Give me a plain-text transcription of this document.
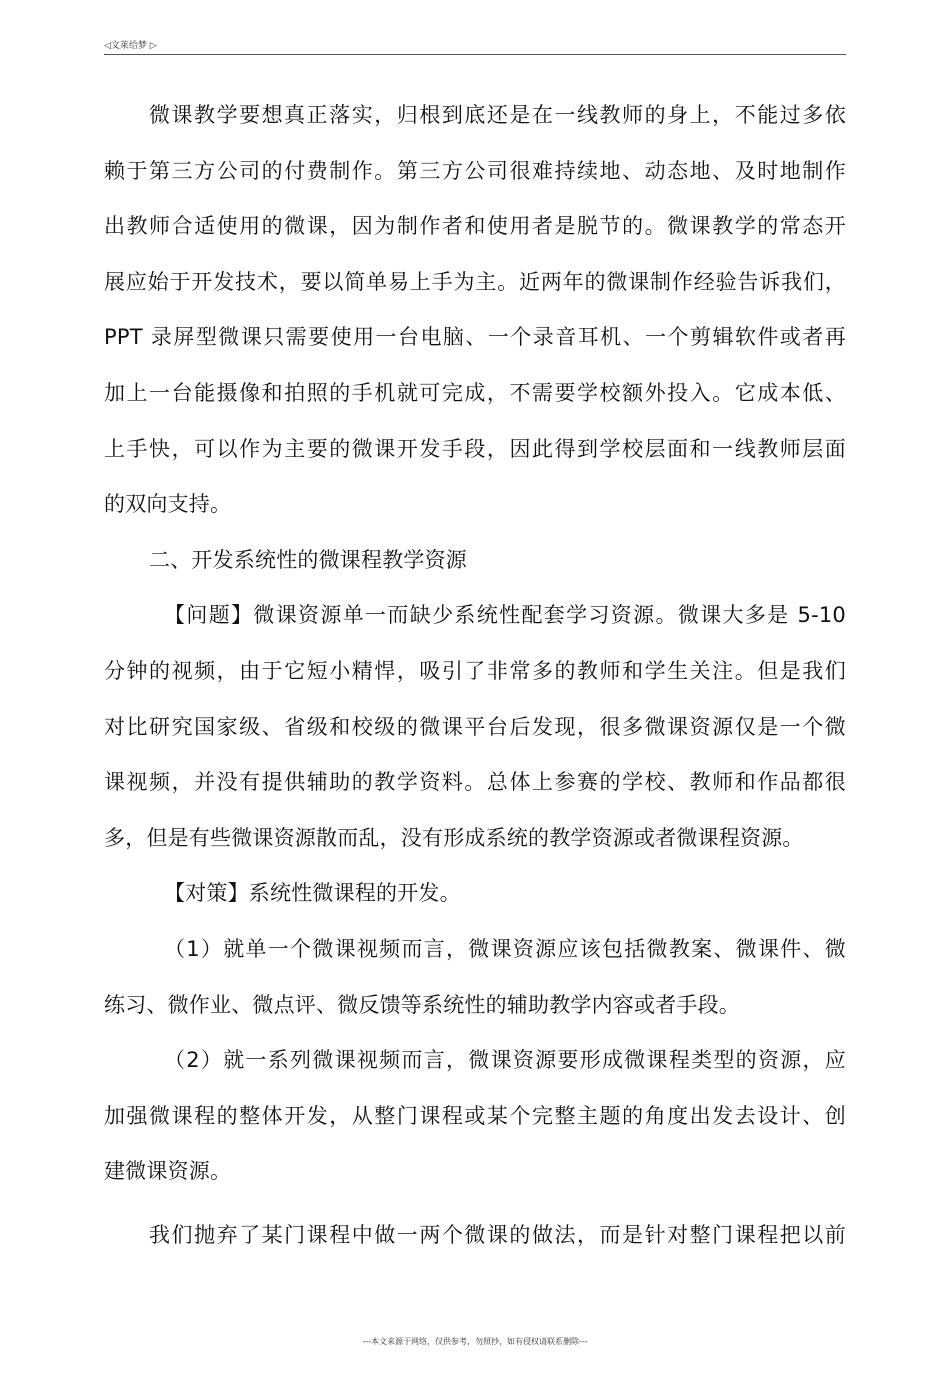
◁文莱给梦 ▷
微课教学要想真正落实，归根到底还是在一线教师的身上，不能过多依
赖于第三方公司的付费制作。第三方公司很难持续地、动态地、及时地制作
出教师合适使用的微课，因为制作者和使用者是脱节的。微课教学的常态开
展应始于开发技术，要以简单易上手为主。近两年的微课制作经验告诉我们，
PPT 录屏型微课只需要使用一台电脑、一个录音耳机、一个剪辑软件或者再
加上一台能摄像和拍照的手机就可完成，不需要学校额外投入。它成本低、
上手快，可以作为主要的微课开发手段，因此得到学校层面和一线教师层面
的双向支持。
二、开发系统性的微课程教学资源
【问题】微课资源单一而缺少系统性配套学习资源。微课大多是 5-10
分钟的视频，由于它短小精悍，吸引了非常多的教师和学生关注。但是我们
对比研究国家级、省级和校级的微课平台后发现，很多微课资源仅是一个微
课视频，并没有提供辅助的教学资料。总体上参赛的学校、教师和作品都很
多，但是有些微课资源散而乱，没有形成系统的教学资源或者微课程资源。
【对策】系统性微课程的开发。
（1）就单一个微课视频而言，微课资源应该包括微教案、微课件、微
练习、微作业、微点评、微反馈等系统性的辅助教学内容或者手段。
（2）就一系列微课视频而言，微课资源要形成微课程类型的资源，应
加强微课程的整体开发，从整门课程或某个完整主题的角度出发去设计、创
建微课资源。
我们抛弃了某门课程中做一两个微课的做法，而是针对整门课程把以前
---本文来源于网络，仅供参考，勿照抄，如有侵权请联系删除---
